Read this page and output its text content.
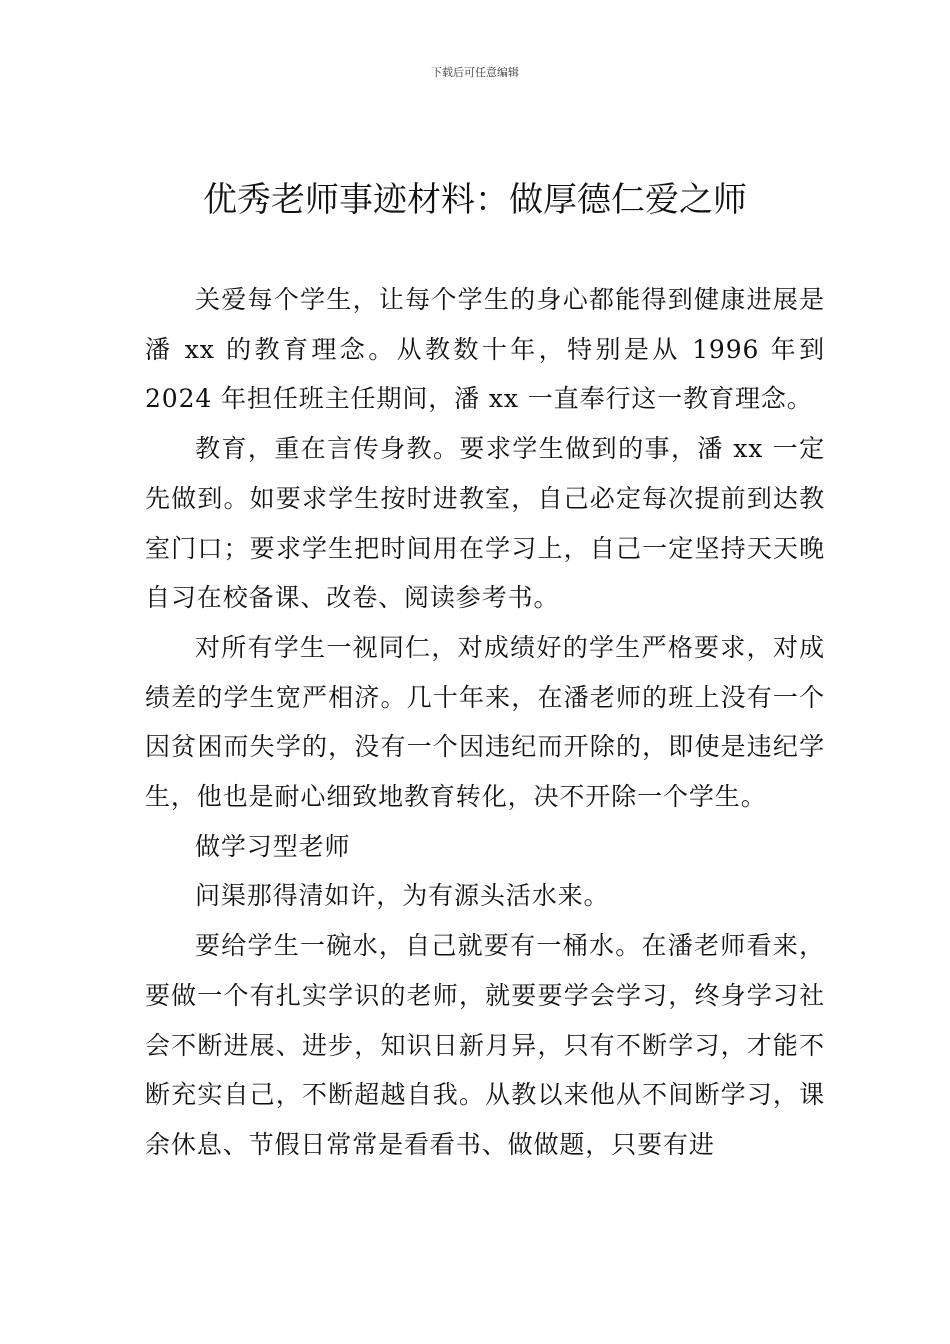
下载后可任意编辑
优秀老师事迹材料：做厚德仁爱之师

关爱每个学生，让每个学生的身心都能得到健康进展是潘 xx 的教育理念。从教数十年，特别是从 1996 年到 2024 年担任班主任期间，潘 xx 一直奉行这一教育理念。

教育，重在言传身教。要求学生做到的事，潘 xx 一定先做到。如要求学生按时进教室，自己必定每次提前到达教室门口；要求学生把时间用在学习上，自己一定坚持天天晚自习在校备课、改卷、阅读参考书。

对所有学生一视同仁，对成绩好的学生严格要求，对成绩差的学生宽严相济。几十年来，在潘老师的班上没有一个因贫困而失学的，没有一个因违纪而开除的，即使是违纪学生，他也是耐心细致地教育转化，决不开除一个学生。

做学习型老师

问渠那得清如许，为有源头活水来。

要给学生一碗水，自己就要有一桶水。在潘老师看来，要做一个有扎实学识的老师，就要要学会学习，终身学习社会不断进展、进步，知识日新月异，只有不断学习，才能不断充实自己，不断超越自我。从教以来他从不间断学习，课余休息、节假日常常是看看书、做做题，只要有进
